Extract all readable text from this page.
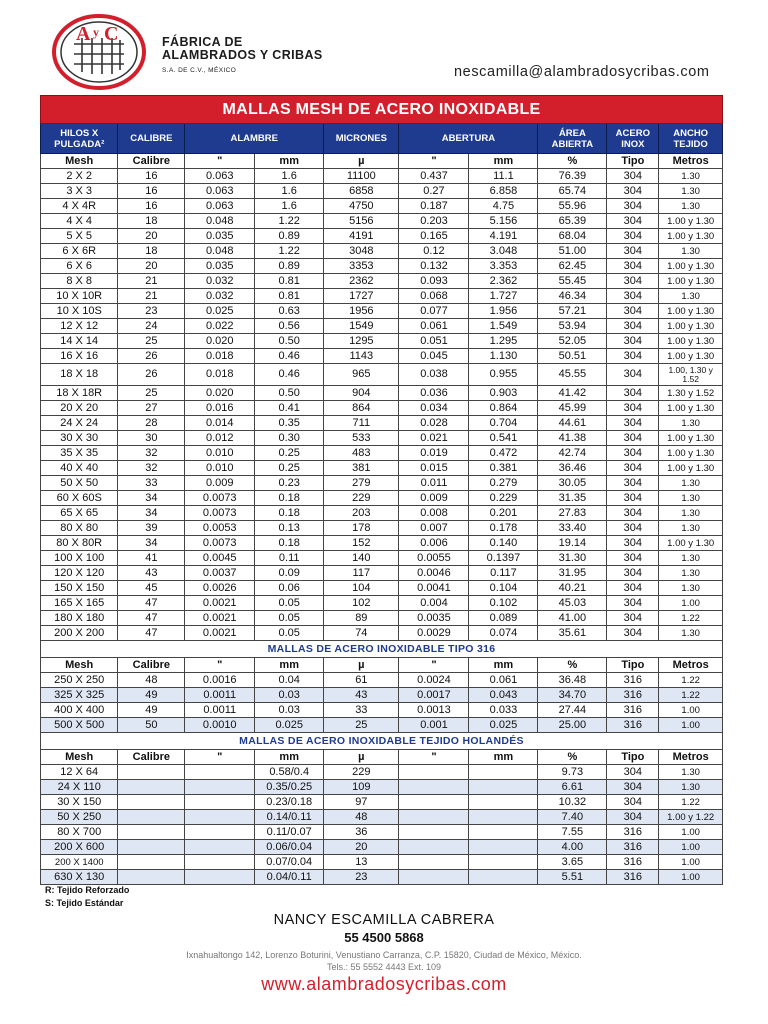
A y C	FÁBRICA DE
ALAMBRADOS Y CRIBAS
S.A. DE C.V., MÉXICO	nescamilla@alambradosycribas.com
MALLAS MESH DE ACERO INOXIDABLE									
HILOS X PULGADA²	CALIBRE	ALAMBRE		MICRONES	ABERTURA		ÁREA ABIERTA	ACERO INOX	ANCHO TEJIDO
Mesh	Calibre	"	mm	µ	"	mm	%	Tipo	Metros
2 X 2	16	0.063	1.6	11100	0.437	11.1	76.39	304	1.30
3 X 3	16	0.063	1.6	6858	0.27	6.858	65.74	304	1.30
4 X 4R	16	0.063	1.6	4750	0.187	4.75	55.96	304	1.30
4 X 4	18	0.048	1.22	5156	0.203	5.156	65.39	304	1.00 y 1.30
5 X 5	20	0.035	0.89	4191	0.165	4.191	68.04	304	1.00 y 1.30
6 X 6R	18	0.048	1.22	3048	0.12	3.048	51.00	304	1.30
6 X 6	20	0.035	0.89	3353	0.132	3.353	62.45	304	1.00 y 1.30
8 X 8	21	0.032	0.81	2362	0.093	2.362	55.45	304	1.00 y 1.30
10 X 10R	21	0.032	0.81	1727	0.068	1.727	46.34	304	1.30
10 X 10S	23	0.025	0.63	1956	0.077	1.956	57.21	304	1.00 y 1.30
12 X 12	24	0.022	0.56	1549	0.061	1.549	53.94	304	1.00 y 1.30
14 X 14	25	0.020	0.50	1295	0.051	1.295	52.05	304	1.00 y 1.30
16 X 16	26	0.018	0.46	1143	0.045	1.130	50.51	304	1.00 y 1.30
18 X 18	26	0.018	0.46	965	0.038	0.955	45.55	304	1.00, 1.30 y 1.52
18 X 18R	25	0.020	0.50	904	0.036	0.903	41.42	304	1.30 y 1.52
20 X 20	27	0.016	0.41	864	0.034	0.864	45.99	304	1.00 y 1.30
24 X 24	28	0.014	0.35	711	0.028	0.704	44.61	304	1.30
30 X 30	30	0.012	0.30	533	0.021	0.541	41.38	304	1.00 y 1.30
35 X 35	32	0.010	0.25	483	0.019	0.472	42.74	304	1.00 y 1.30
40 X 40	32	0.010	0.25	381	0.015	0.381	36.46	304	1.00 y 1.30
50 X 50	33	0.009	0.23	279	0.011	0.279	30.05	304	1.30
60 X 60S	34	0.0073	0.18	229	0.009	0.229	31.35	304	1.30
65 X 65	34	0.0073	0.18	203	0.008	0.201	27.83	304	1.30
80 X 80	39	0.0053	0.13	178	0.007	0.178	33.40	304	1.30
80 X 80R	34	0.0073	0.18	152	0.006	0.140	19.14	304	1.00 y 1.30
100 X 100	41	0.0045	0.11	140	0.0055	0.1397	31.30	304	1.30
120 X 120	43	0.0037	0.09	117	0.0046	0.117	31.95	304	1.30
150 X 150	45	0.0026	0.06	104	0.0041	0.104	40.21	304	1.30
165 X 165	47	0.0021	0.05	102	0.004	0.102	45.03	304	1.00
180 X 180	47	0.0021	0.05	89	0.0035	0.089	41.00	304	1.22
200 X 200	47	0.0021	0.05	74	0.0029	0.074	35.61	304	1.30
MALLAS DE ACERO INOXIDABLE TIPO 316									
Mesh	Calibre	"	mm	µ	"	mm	%	Tipo	Metros
250 X 250	48	0.0016	0.04	61	0.0024	0.061	36.48	316	1.22
325 X 325	49	0.0011	0.03	43	0.0017	0.043	34.70	316	1.22
400 X 400	49	0.0011	0.03	33	0.0013	0.033	27.44	316	1.00
500 X 500	50	0.0010	0.025	25	0.001	0.025	25.00	316	1.00
MALLAS DE ACERO INOXIDABLE TEJIDO HOLANDÉS									
Mesh	Calibre	"	mm	µ	"	mm	%	Tipo	Metros
12 X 64			0.58/0.4	229			9.73	304	1.30
24 X 110			0.35/0.25	109			6.61	304	1.30
30 X 150			0.23/0.18	97			10.32	304	1.22
50 X 250			0.14/0.11	48			7.40	304	1.00 y 1.22
80 X 700			0.11/0.07	36			7.55	316	1.00
200 X 600			0.06/0.04	20			4.00	316	1.00
200 X 1400			0.07/0.04	13			3.65	316	1.00
630 X 130			0.04/0.11	23			5.51	316	1.00
R: Tejido Reforzado
S: Tejido Estándar
NANCY ESCAMILLA CABRERA
55 4500 5868
Ixnahualtongo 142, Lorenzo Boturini, Venustiano Carranza, C.P. 15820, Ciudad de México, México.
Tels.: 55 5552 4443 Ext. 109
www.alambradosycribas.com
